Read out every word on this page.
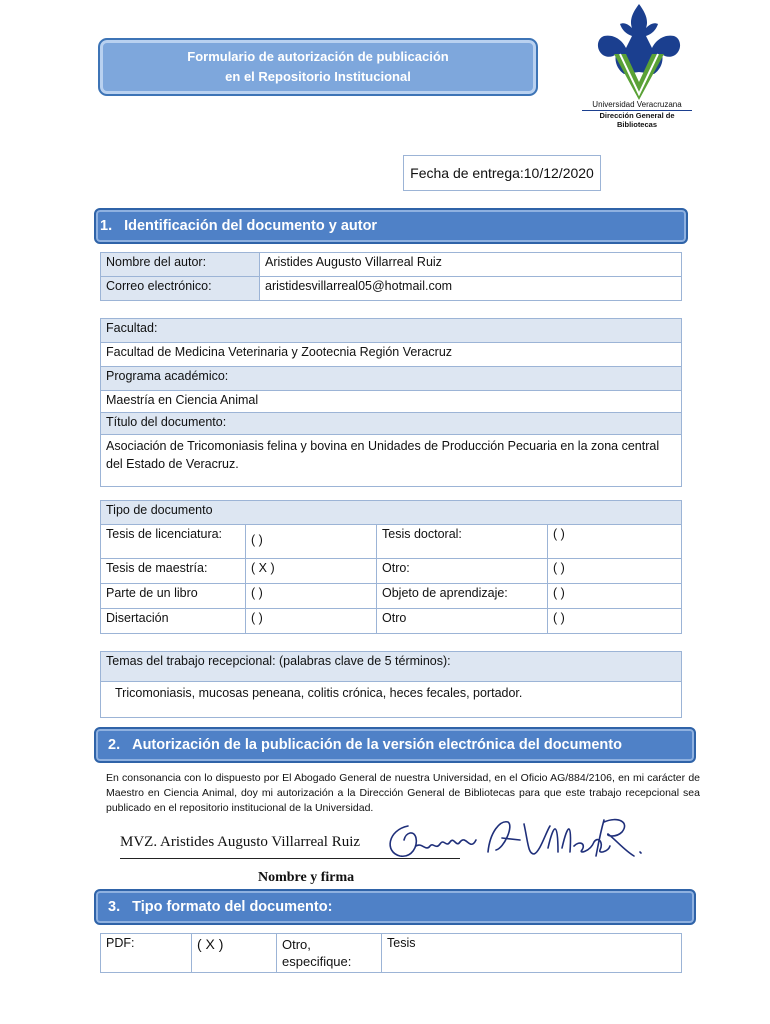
Formulario de autorización de publicación
en el Repositorio Institucional
Universidad Veracruzana
Dirección General de Bibliotecas
Fecha de entrega:10/12/2020
1. Identificación del documento y autor
Nombre del autor:	Aristides Augusto Villarreal Ruiz
Correo electrónico:	aristidesvillarreal05@hotmail.com
Facultad:
Facultad de Medicina Veterinaria y Zootecnia Región Veracruz
Programa académico:
Maestría en Ciencia Animal
Título del documento:
Asociación de Tricomoniasis felina y bovina en Unidades de Producción Pecuaria en la zona central del Estado de Veracruz.
Tipo de documento			
Tesis de licenciatura:	( )	Tesis doctoral:	( )
Tesis de maestría:	( X )	Otro:	( )
Parte de un libro	( )	Objeto de aprendizaje:	( )
Disertación	( )	Otro	( )
Temas del trabajo recepcional: (palabras clave de 5 términos):
Tricomoniasis, mucosas peneana, colitis crónica, heces fecales, portador.
2. Autorización de la publicación de la versión electrónica del documento
En consonancia con lo dispuesto por El Abogado General de nuestra Universidad, en el Oficio AG/884/2106, en mi carácter de Maestro en Ciencia Animal, doy mi autorización a la Dirección General de Bibliotecas para que este trabajo recepcional sea publicado en el repositorio institucional de la Universidad.
MVZ. Aristides Augusto Villarreal Ruiz
Nombre y firma
3. Tipo formato del documento:
PDF:	( X )	Otro, especifique:	Tesis
